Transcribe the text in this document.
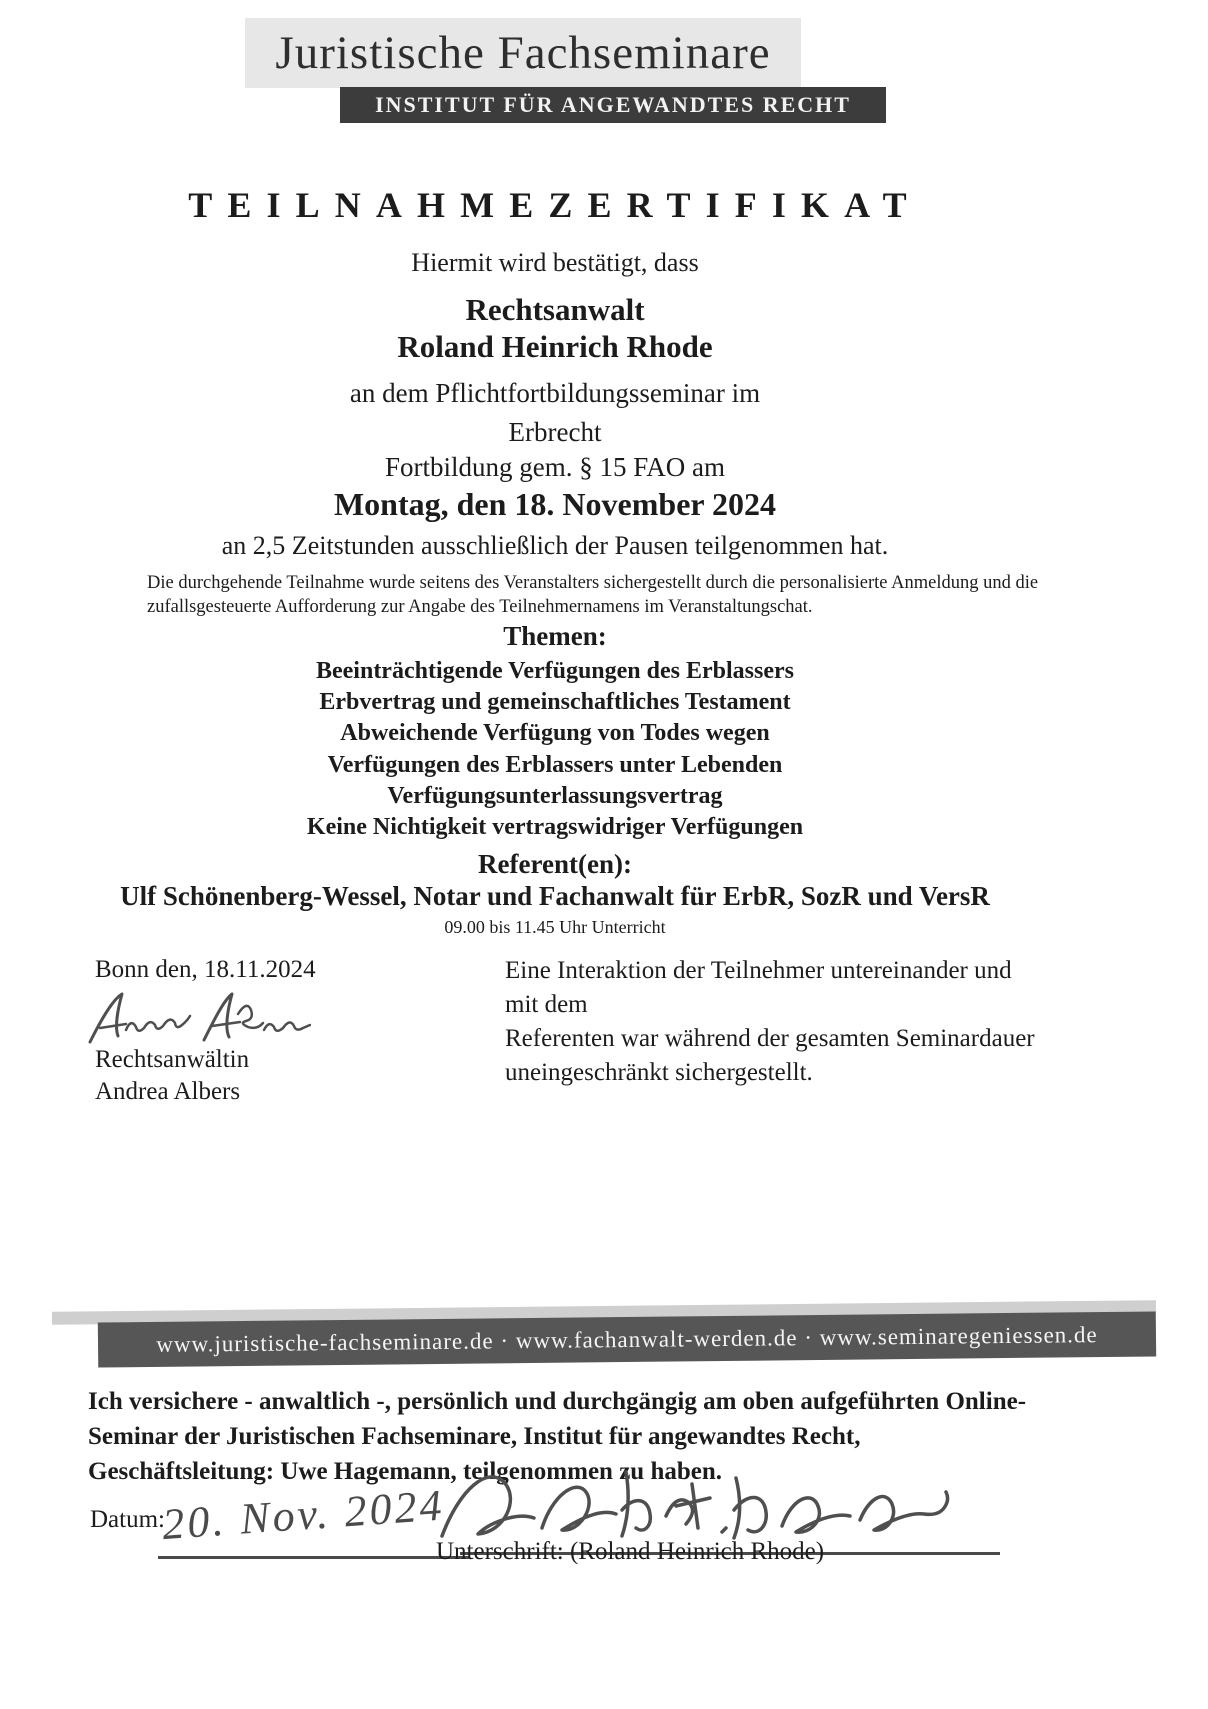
Juristische Fachseminare
INSTITUT FÜR ANGEWANDTES RECHT
TEILNAHMEZERTIFIKAT
Hiermit wird bestätigt, dass
Rechtsanwalt
Roland Heinrich Rhode
an dem Pflichtfortbildungsseminar im
Erbrecht
Fortbildung gem. § 15 FAO am
Montag, den 18. November 2024
an 2,5 Zeitstunden ausschließlich der Pausen teilgenommen hat.
Die durchgehende Teilnahme wurde seitens des Veranstalters sichergestellt durch die personalisierte Anmeldung und die
zufallsgesteuerte Aufforderung zur Angabe des Teilnehmernamens im Veranstaltungschat.
Themen:
Beeinträchtigende Verfügungen des Erblassers
Erbvertrag und gemeinschaftliches Testament
Abweichende Verfügung von Todes wegen
Verfügungen des Erblassers unter Lebenden
Verfügungsunterlassungsvertrag
Keine Nichtigkeit vertragswidriger Verfügungen
Referent(en):
Ulf Schönenberg-Wessel, Notar und Fachanwalt für ErbR, SozR und VersR
09.00 bis 11.45 Uhr Unterricht
Bonn den, 18.11.2024
Rechtsanwältin
Andrea Albers
Eine Interaktion der Teilnehmer untereinander und mit dem
Referenten war während der gesamten Seminardauer
uneingeschränkt sichergestellt.
www.juristische-fachseminare.de · www.fachanwalt-werden.de · www.seminaregeniessen.de
Ich versichere - anwaltlich -, persönlich und durchgängig am oben aufgeführten Online-
Seminar der Juristischen Fachseminare, Institut für angewandtes Recht,
Geschäftsleitung: Uwe Hagemann, teilgenommen zu haben.
Datum:
20. Nov. 2024
Unterschrift: (Roland Heinrich Rhode)
